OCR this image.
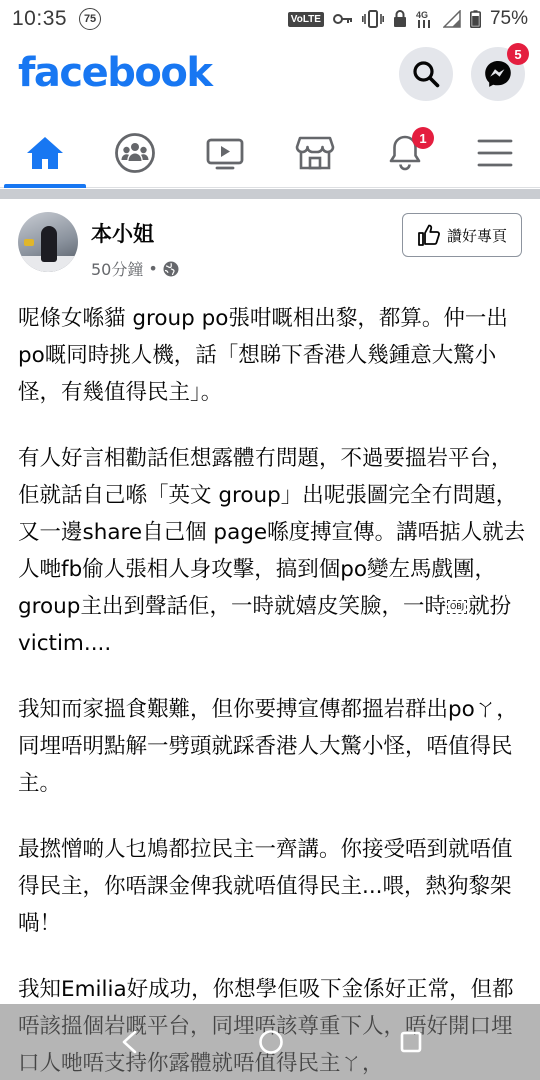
10:35	75	VoLTE	4G	75%
facebook	5
1
本小姐
50分鐘 •
讚好專頁

呢條女喺貓 group po張咁嘅相出黎，都算。仲一出po嘅同時挑人機，話「想睇下香港人幾鍾意大驚小怪，有幾值得民主」。

有人好言相勸話佢想露體冇問題，不過要搵岩平台，佢就話自己喺「英文 group」出呢張圖完全冇問題，又一邊share自己個 page喺度搏宣傳。講唔掂人就去人哋fb偷人張相人身攻擊，搞到個po變左馬戲團，group主出到聲話佢，一時就嬉皮笑臉，一時 OBJ 就扮 victim....

我知而家搵食艱難，但你要搏宣傳都搵岩群出poㄚ，同埋唔明點解一劈頭就踩香港人大驚小怪，唔值得民主。

最撚憎啲人乜鳩都拉民主一齊講。你接受唔到就唔值得民主，你唔課金俾我就唔值得民主...喂，熱狗黎架喎！

我知Emilia好成功，你想學佢吸下金係好正常，但都
